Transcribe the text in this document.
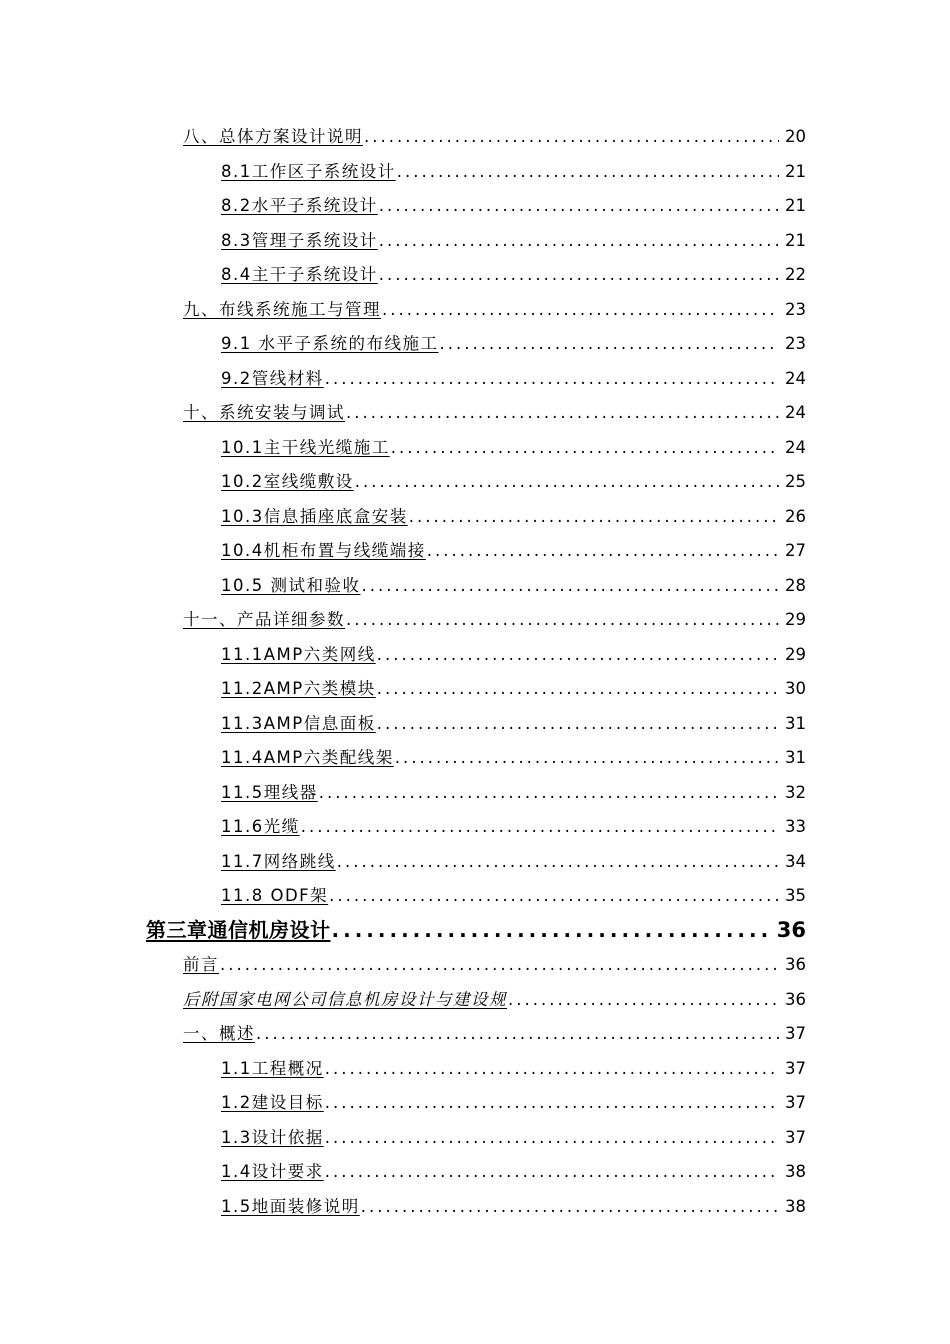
八、总体方案设计说明 .....	20
8.1工作区子系统设计 .....	21
8.2水平子系统设计 .....	21
8.3管理子系统设计 .....	21
8.4主干子系统设计 .....	22
九、布线系统施工与管理 .....	23
9.1 水平子系统的布线施工 .....	23
9.2管线材料 .....	24
十、系统安装与调试 .....	24
10.1主干线光缆施工 .....	24
10.2室线缆敷设 .....	25
10.3信息插座底盒安装 .....	26
10.4机柜布置与线缆端接 .....	27
10.5 测试和验收 .....	28
十一、产品详细参数 .....	29
11.1AMP六类网线 .....	29
11.2AMP六类模块 .....	30
11.3AMP信息面板 .....	31
11.4AMP六类配线架 .....	31
11.5理线器 .....	32
11.6光缆 .....	33
11.7网络跳线 .....	34
11.8 ODF架 .....	35
第三章通信机房设计 .....	36
前言 .....	36
后附国家电网公司信息机房设计与建设规 .....	36
一、概述 .....	37
1.1工程概况 .....	37
1.2建设目标 .....	37
1.3设计依据 .....	37
1.4设计要求 .....	38
1.5地面装修说明 .....	38
